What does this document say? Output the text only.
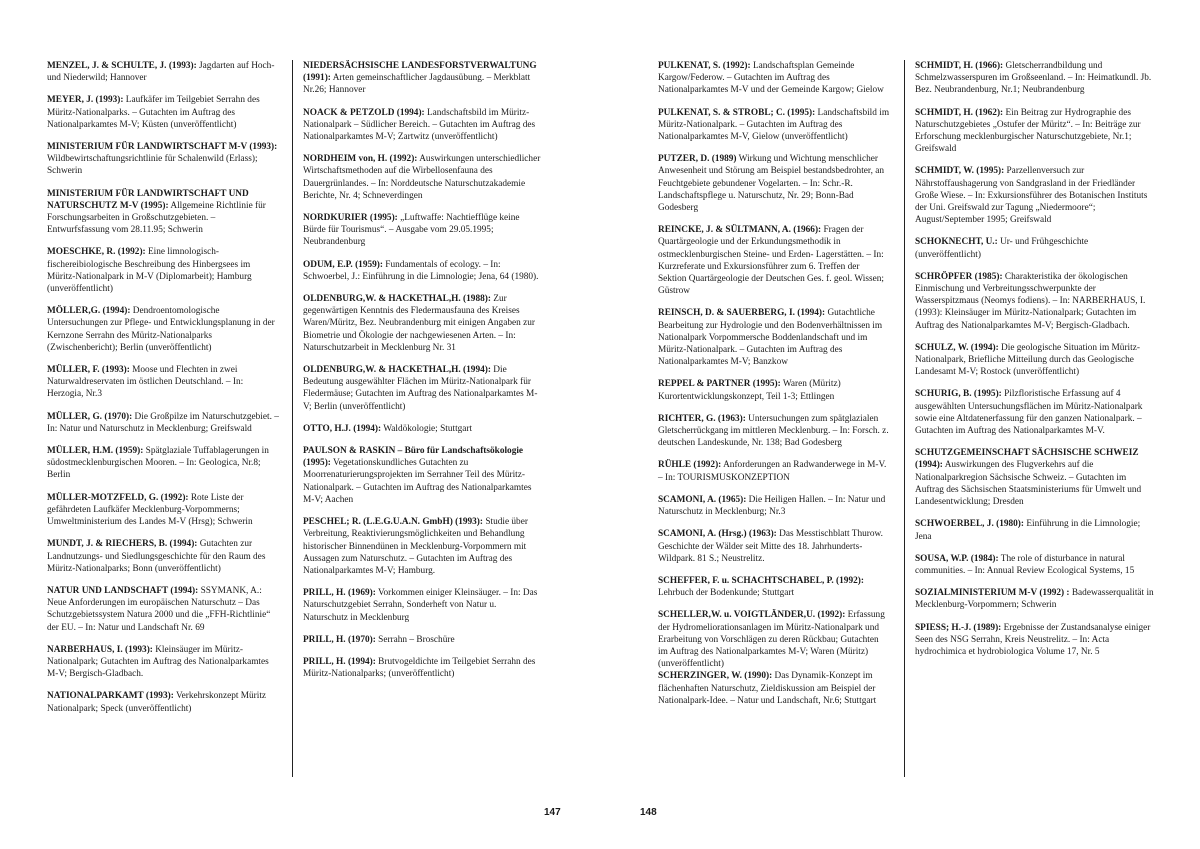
MENZEL, J. & SCHULTE, J. (1993): Jagdarten auf Hoch- und Niederwild; Hannover
MEYER, J. (1993): Laufkäfer im Teilgebiet Serrahn des Müritz-Nationalparks. – Gutachten im Auftrag des Nationalparkamtes M-V; Küsten (unveröffentlicht)
MINISTERIUM FÜR LANDWIRTSCHAFT M-V (1993): Wildbewirtschaftungsrichtlinie für Schalenwild (Erlass); Schwerin
MINISTERIUM FÜR LANDWIRTSCHAFT UND NATURSCHUTZ M-V (1995): Allgemeine Richtlinie für Forschungsarbeiten in Großschutzgebieten. – Entwurfsfassung vom 28.11.95; Schwerin
MOESCHKE, R. (1992): Eine limnologisch-fischereibiologische Beschreibung des Hinbergsees im Müritz-Nationalpark in M-V (Diplomarbeit); Hamburg (unveröffentlicht)
MÖLLER,G. (1994): Dendroentomologische Untersuchungen zur Pflege- und Entwicklungsplanung in der Kernzone Serrahn des Müritz-Nationalparks (Zwischenbericht); Berlin (unveröffentlicht)
MÜLLER, F. (1993): Moose und Flechten in zwei Naturwaldreservaten im östlichen Deutschland. – In: Herzogia, Nr.3
MÜLLER, G. (1970): Die Großpilze im Naturschutzgebiet. – In: Natur und Naturschutz in Mecklenburg; Greifswald
MÜLLER, H.M. (1959): Spätglaziale Tuffablagerungen in südostmecklenburgischen Mooren. – In: Geologica, Nr.8; Berlin
MÜLLER-MOTZFELD, G. (1992): Rote Liste der gefährdeten Laufkäfer Mecklenburg-Vorpommerns; Umweltministerium des Landes M-V (Hrsg); Schwerin
MUNDT, J. & RIECHERS, B. (1994): Gutachten zur Landnutzungs- und Siedlungsgeschichte für den Raum des Müritz-Nationalparks; Bonn (unveröffentlicht)
NATUR UND LANDSCHAFT (1994): SSYMANK, A.: Neue Anforderungen im europäischen Naturschutz – Das Schutzgebietssystem Natura 2000 und die „FFH-Richtlinie“ der EU. – In: Natur und Landschaft Nr. 69
NARBERHAUS, I. (1993): Kleinsäuger im Müritz-Nationalpark; Gutachten im Auftrag des Nationalparkamtes M-V; Bergisch-Gladbach.
NATIONALPARKAMT (1993): Verkehrskonzept Müritz Nationalpark; Speck (unveröffentlicht)
NIEDERSÄCHSISCHE LANDESFORSTVERWALTUNG (1991): Arten gemeinschaftlicher Jagdausübung. – Merkblatt Nr.26; Hannover
NOACK & PETZOLD (1994): Landschaftsbild im Müritz-Nationalpark – Südlicher Bereich. – Gutachten im Auftrag des Nationalparkamtes M-V; Zartwitz (unveröffentlicht)
NORDHEIM von, H. (1992): Auswirkungen unterschiedlicher Wirtschaftsmethoden auf die Wirbellosenfauna des Dauergrünlandes. – In: Norddeutsche Naturschutzakademie Berichte, Nr. 4; Schneverdingen
NORDKURIER (1995): „Luftwaffe: Nachtiefflüge keine Bürde für Tourismus“. – Ausgabe vom 29.05.1995; Neubrandenburg
ODUM, E.P. (1959): Fundamentals of ecology. – In: Schwoerbel, J.: Einführung in die Limnologie; Jena, 64 (1980).
OLDENBURG,W. & HACKETHAL,H. (1988): Zur gegenwärtigen Kenntnis des Fledermausfauna des Kreises Waren/Müritz, Bez. Neubrandenburg mit einigen Angaben zur Biometrie und Ökologie der nachgewiesenen Arten. – In: Naturschutzarbeit in Mecklenburg Nr. 31
OLDENBURG,W. & HACKETHAL,H. (1994): Die Bedeutung ausgewählter Flächen im Müritz-Nationalpark für Fledermäuse; Gutachten im Auftrag des Nationalparkamtes M-V; Berlin (unveröffentlicht)
OTTO, H.J. (1994): Waldökologie; Stuttgart
PAULSON & RASKIN – Büro für Landschaftsökologie (1995): Vegetationskundliches Gutachten zu Moorrenaturierungsprojekten im Serrahner Teil des Müritz-Nationalpark. – Gutachten im Auftrag des Nationalparkamtes M-V; Aachen
PESCHEL; R. (L.E.G.U.A.N. GmbH) (1993): Studie über Verbreitung, Reaktivierungsmöglichkeiten und Behandlung historischer Binnendünen in Mecklenburg-Vorpommern mit Aussagen zum Naturschutz. – Gutachten im Auftrag des Nationalparkamtes M-V; Hamburg.
PRILL, H. (1969): Vorkommen einiger Kleinsäuger. – In: Das Naturschutzgebiet Serrahn, Sonderheft von Natur u. Naturschutz in Mecklenburg
PRILL, H. (1970): Serrahn – Broschüre
PRILL, H. (1994): Brutvogeldichte im Teilgebiet Serrahn des Müritz-Nationalparks; (unveröffentlicht)
PULKENAT, S. (1992): Landschaftsplan Gemeinde Kargow/Federow. – Gutachten im Auftrag des Nationalparkamtes M-V und der Gemeinde Kargow; Gielow
PULKENAT, S. & STROBL; C. (1995): Landschaftsbild im Müritz-Nationalpark. – Gutachten im Auftrag des Nationalparkamtes M-V, Gielow (unveröffentlicht)
PUTZER, D. (1989) Wirkung und Wichtung menschlicher Anwesenheit und Störung am Beispiel bestandsbedrohter, an Feuchtgebiete gebundener Vogelarten. – In: Schr.-R. Landschaftspflege u. Naturschutz, Nr. 29; Bonn-Bad Godesberg
REINCKE, J. & SÜLTMANN, A. (1966): Fragen der Quartärgeologie und der Erkundungsmethodik in ostmecklenburgischen Steine- und Erden- Lagerstätten. – In: Kurzreferate und Exkursionsführer zum 6. Treffen der Sektion Quartärgeologie der Deutschen Ges. f. geol. Wissen; Güstrow
REINSCH, D. & SAUERBERG, I. (1994): Gutachtliche Bearbeitung zur Hydrologie und den Bodenverhältnissen im Nationalpark Vorpommersche Boddenlandschaft und im Müritz-Nationalpark. – Gutachten im Auftrag des Nationalparkamtes M-V; Banzkow
REPPEL & PARTNER (1995): Waren (Müritz) Kurortentwicklungskonzept, Teil 1-3; Ettlingen
RICHTER, G. (1963): Untersuchungen zum spätglazialen Gletscherrückgang im mittleren Mecklenburg. – In: Forsch. z. deutschen Landeskunde, Nr. 138; Bad Godesberg
RÜHLE (1992): Anforderungen an Radwanderwege in M-V. – In: TOURISMUSKONZEPTION
SCAMONI, A. (1965): Die Heiligen Hallen. – In: Natur und Naturschutz in Mecklenburg; Nr.3
SCAMONI, A. (Hrsg.) (1963): Das Messtischblatt Thurow. Geschichte der Wälder seit Mitte des 18. Jahrhunderts-Wildpark. 81 S.; Neustrelitz.
SCHEFFER, F. u. SCHACHTSCHABEL, P. (1992): Lehrbuch der Bodenkunde; Stuttgart
SCHELLER,W. u. VOIGTLÄNDER,U. (1992): Erfassung der Hydromeliorationsanlagen im Müritz-Nationalpark und Erarbeitung von Vorschlägen zu deren Rückbau; Gutachten im Auftrag des Nationalparkamtes M-V; Waren (Müritz) (unveröffentlicht)
SCHERZINGER, W. (1990): Das Dynamik-Konzept im flächenhaften Naturschutz, Zieldiskussion am Beispiel der Nationalpark-Idee. – Natur und Landschaft, Nr.6; Stuttgart
SCHMIDT, H. (1966): Gletscherrandbildung und Schmelzwasserspuren im Großseenland. – In: Heimatkundl. Jb. Bez. Neubrandenburg, Nr.1; Neubrandenburg
SCHMIDT, H. (1962): Ein Beitrag zur Hydrographie des Naturschutzgebietes „Ostufer der Müritz“. – In: Beiträge zur Erforschung mecklenburgischer Naturschutzgebiete, Nr.1; Greifswald
SCHMIDT, W. (1995): Parzellenversuch zur Nährstoffaushagerung von Sandgrasland in der Friedländer Große Wiese. – In: Exkursionsführer des Botanischen Instituts der Uni. Greifswald zur Tagung „Niedermoore“; August/September 1995; Greifswald
SCHOKNECHT, U.: Ur- und Frühgeschichte (unveröffentlicht)
SCHRÖPFER (1985): Charakteristika der ökologischen Einmischung und Verbreitungsschwerpunkte der Wasserspitzmaus (Neomys fodiens). – In: NARBERHAUS, I. (1993): Kleinsäuger im Müritz-Nationalpark; Gutachten im Auftrag des Nationalparkamtes M-V; Bergisch-Gladbach.
SCHULZ, W. (1994): Die geologische Situation im Müritz-Nationalpark, Briefliche Mitteilung durch das Geologische Landesamt M-V; Rostock (unveröffentlicht)
SCHURIG, B. (1995): Pilzfloristische Erfassung auf 4 ausgewählten Untersuchungsflächen im Müritz-Nationalpark sowie eine Altdatenerfassung für den ganzen Nationalpark. – Gutachten im Auftrag des Nationalparkamtes M-V.
SCHUTZGEMEINSCHAFT SÄCHSISCHE SCHWEIZ (1994): Auswirkungen des Flugverkehrs auf die Nationalparkregion Sächsische Schweiz. – Gutachten im Auftrag des Sächsischen Staatsministeriums für Umwelt und Landesentwicklung; Dresden
SCHWOERBEL, J. (1980): Einführung in die Limnologie; Jena
SOUSA, W.P. (1984): The role of disturbance in natural communities. – In: Annual Review Ecological Systems, 15
SOZIALMINISTERIUM M-V (1992) : Badewasserqualität in Mecklenburg-Vorpommern; Schwerin
SPIESS; H.-J. (1989): Ergebnisse der Zustandsanalyse einiger Seen des NSG Serrahn, Kreis Neustrelitz. – In: Acta hydrochimica et hydrobiologica Volume 17, Nr. 5
147	148
